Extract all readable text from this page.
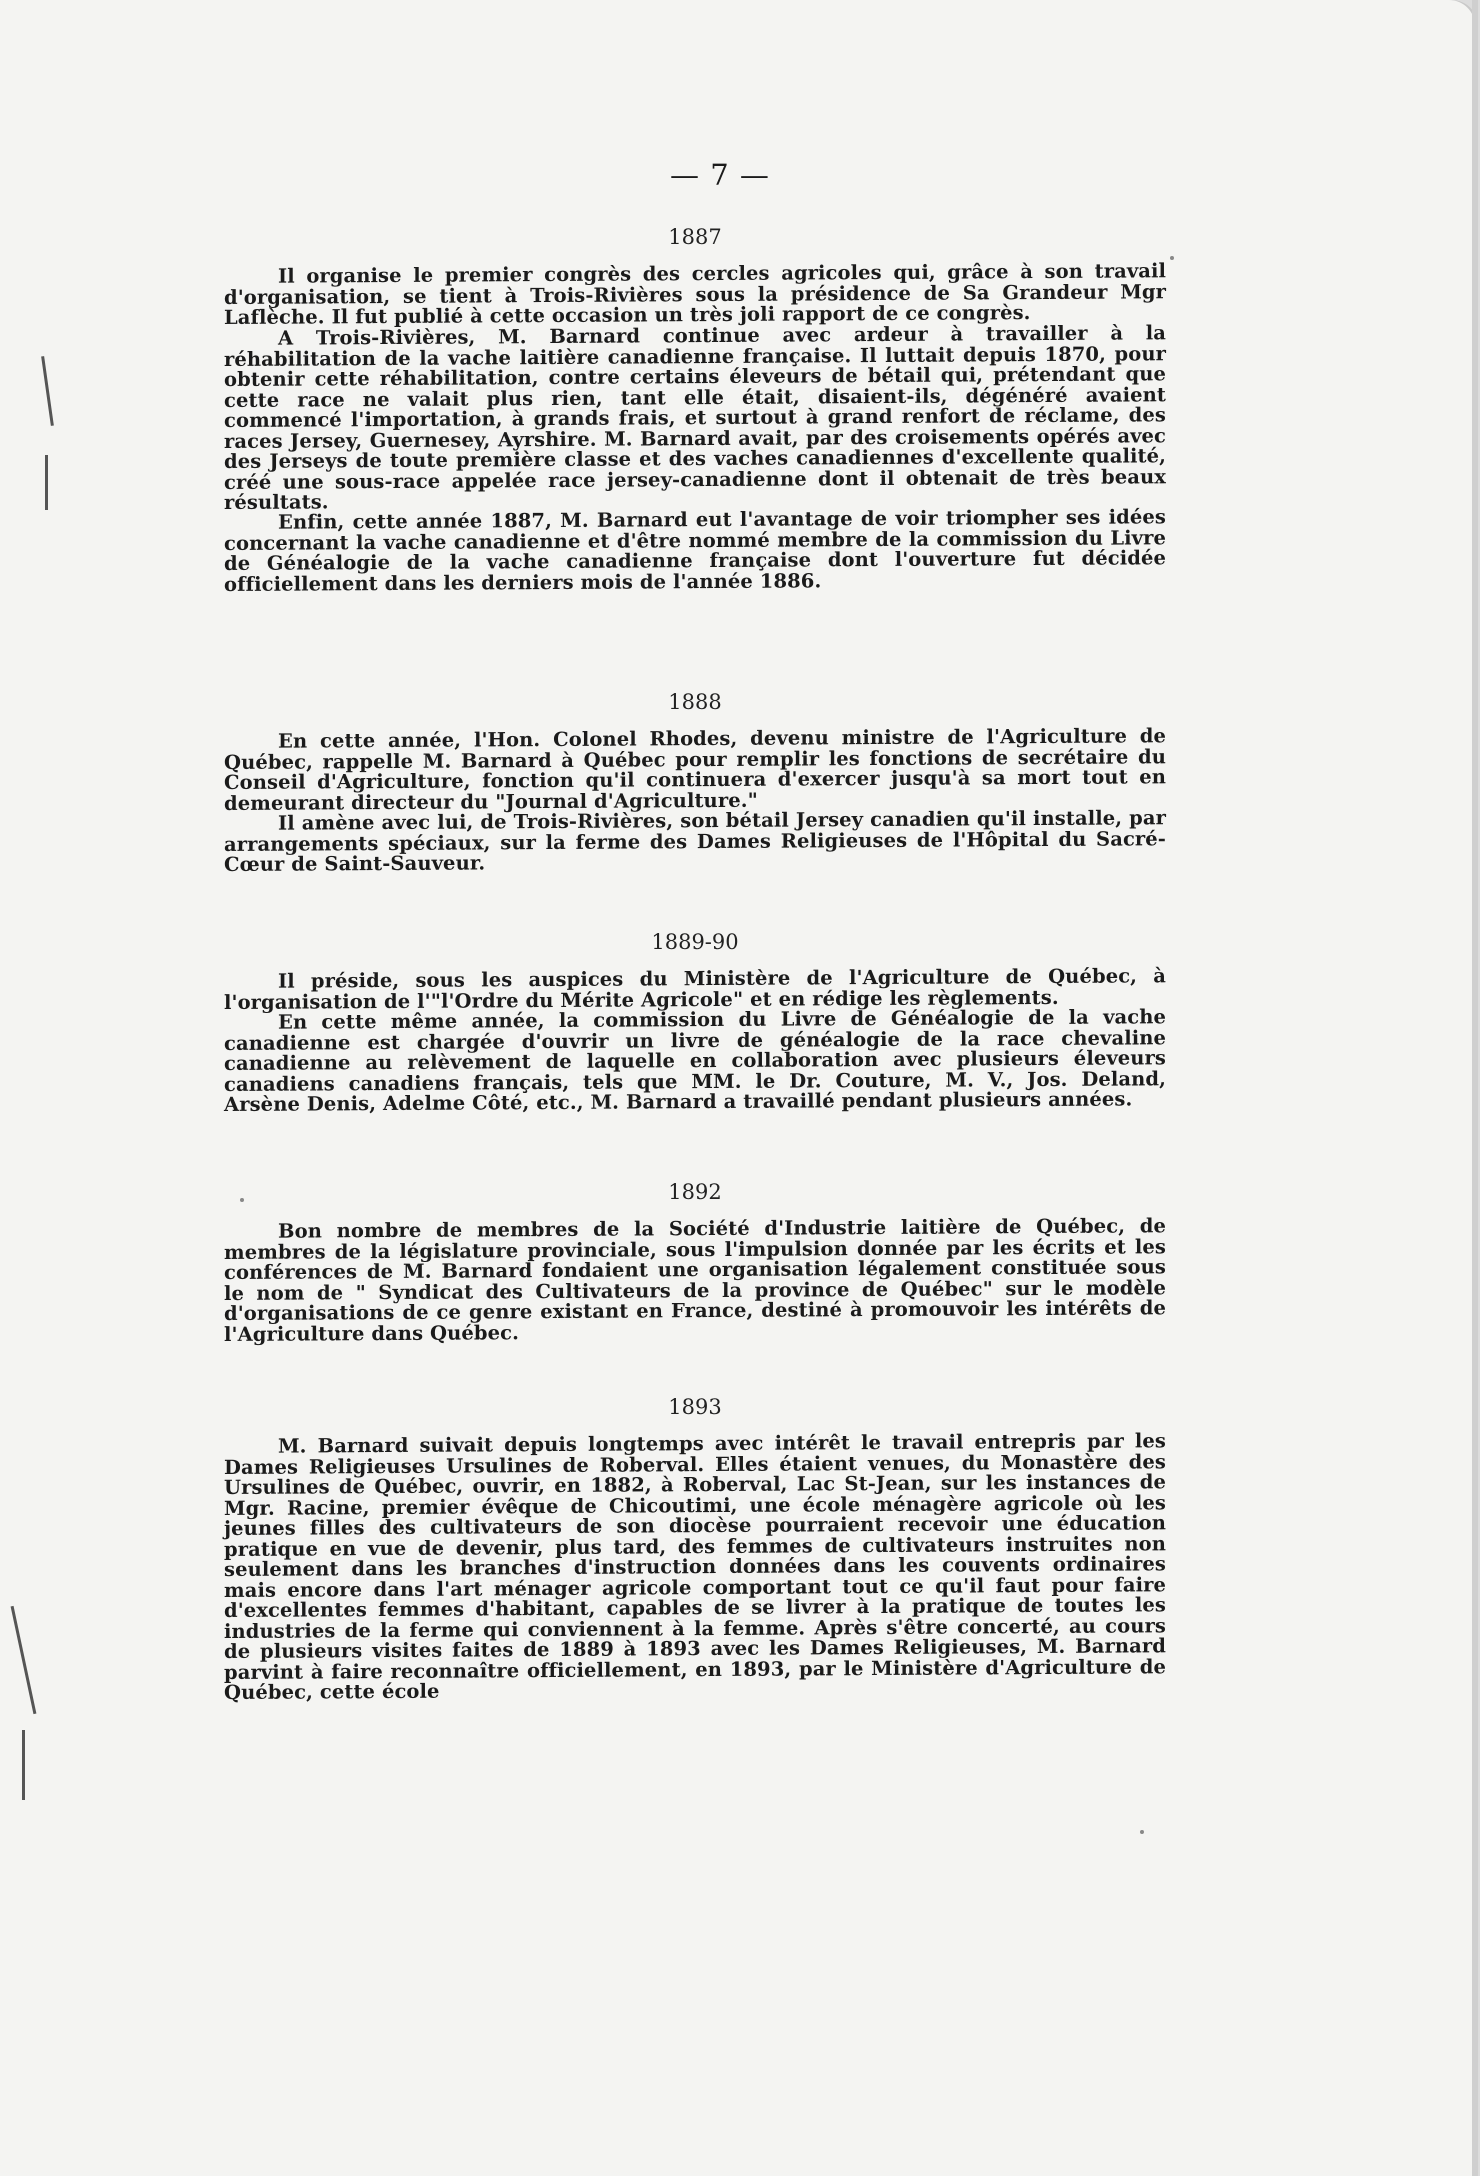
— 7 —
1887

Il organise le premier congrès des cercles agricoles qui, grâce à son travail d'organisation, se tient à Trois-Rivières sous la présidence de Sa Grandeur Mgr Laflèche. Il fut publié à cette occasion un très joli rapport de ce congrès.

A Trois-Rivières, M. Barnard continue avec ardeur à travailler à la réhabilitation de la vache laitière canadienne française. Il luttait depuis 1870, pour obtenir cette réhabilitation, contre certains éleveurs de bétail qui, prétendant que cette race ne valait plus rien, tant elle était, disaient-ils, dégénéré avaient commencé l'importation, à grands frais, et surtout à grand renfort de réclame, des races Jersey, Guernesey, Ayrshire. M. Barnard avait, par des croisements opérés avec des Jerseys de toute première classe et des vaches canadiennes d'excellente qualité, créé une sous-race appelée race jersey-canadienne dont il obtenait de très beaux résultats.

Enfin, cette année 1887, M. Barnard eut l'avantage de voir triompher ses idées concernant la vache canadienne et d'être nommé membre de la commission du Livre de Généalogie de la vache canadienne française dont l'ouverture fut décidée officiellement dans les derniers mois de l'année 1886.

1888

En cette année, l'Hon. Colonel Rhodes, devenu ministre de l'Agriculture de Québec, rappelle M. Barnard à Québec pour remplir les fonctions de secrétaire du Conseil d'Agriculture, fonction qu'il continuera d'exercer jusqu'à sa mort tout en demeurant directeur du "Journal d'Agriculture."

Il amène avec lui, de Trois-Rivières, son bétail Jersey canadien qu'il installe, par arrangements spéciaux, sur la ferme des Dames Religieuses de l'Hôpital du Sacré-Cœur de Saint-Sauveur.

1889-90

Il préside, sous les auspices du Ministère de l'Agriculture de Québec, à l'organisation de l'"l'Ordre du Mérite Agricole" et en rédige les règlements.

En cette même année, la commission du Livre de Généalogie de la vache canadienne est chargée d'ouvrir un livre de généalogie de la race chevaline canadienne au relèvement de laquelle en collaboration avec plusieurs éleveurs canadiens canadiens français, tels que MM. le Dr. Couture, M. V., Jos. Deland, Arsène Denis, Adelme Côté, etc., M. Barnard a travaillé pendant plusieurs années.

1892

Bon nombre de membres de la Société d'Industrie laitière de Québec, de membres de la législature provinciale, sous l'impulsion donnée par les écrits et les conférences de M. Barnard fondaient une organisation légalement constituée sous le nom de " Syndicat des Cultivateurs de la province de Québec" sur le modèle d'organisations de ce genre existant en France, destiné à promouvoir les intérêts de l'Agriculture dans Québec.

1893

M. Barnard suivait depuis longtemps avec intérêt le travail entrepris par les Dames Religieuses Ursulines de Roberval. Elles étaient venues, du Monastère des Ursulines de Québec, ouvrir, en 1882, à Roberval, Lac St-Jean, sur les instances de Mgr. Racine, premier évêque de Chicoutimi, une école ménagère agricole où les jeunes filles des cultivateurs de son diocèse pourraient recevoir une éducation pratique en vue de devenir, plus tard, des femmes de cultivateurs instruites non seulement dans les branches d'instruction données dans les couvents ordinaires mais encore dans l'art ménager agricole comportant tout ce qu'il faut pour faire d'excellentes femmes d'habitant, capables de se livrer à la pratique de toutes les industries de la ferme qui conviennent à la femme. Après s'être concerté, au cours de plusieurs visites faites de 1889 à 1893 avec les Dames Religieuses, M. Barnard parvint à faire reconnaître officiellement, en 1893, par le Ministère d'Agriculture de Québec, cette école
